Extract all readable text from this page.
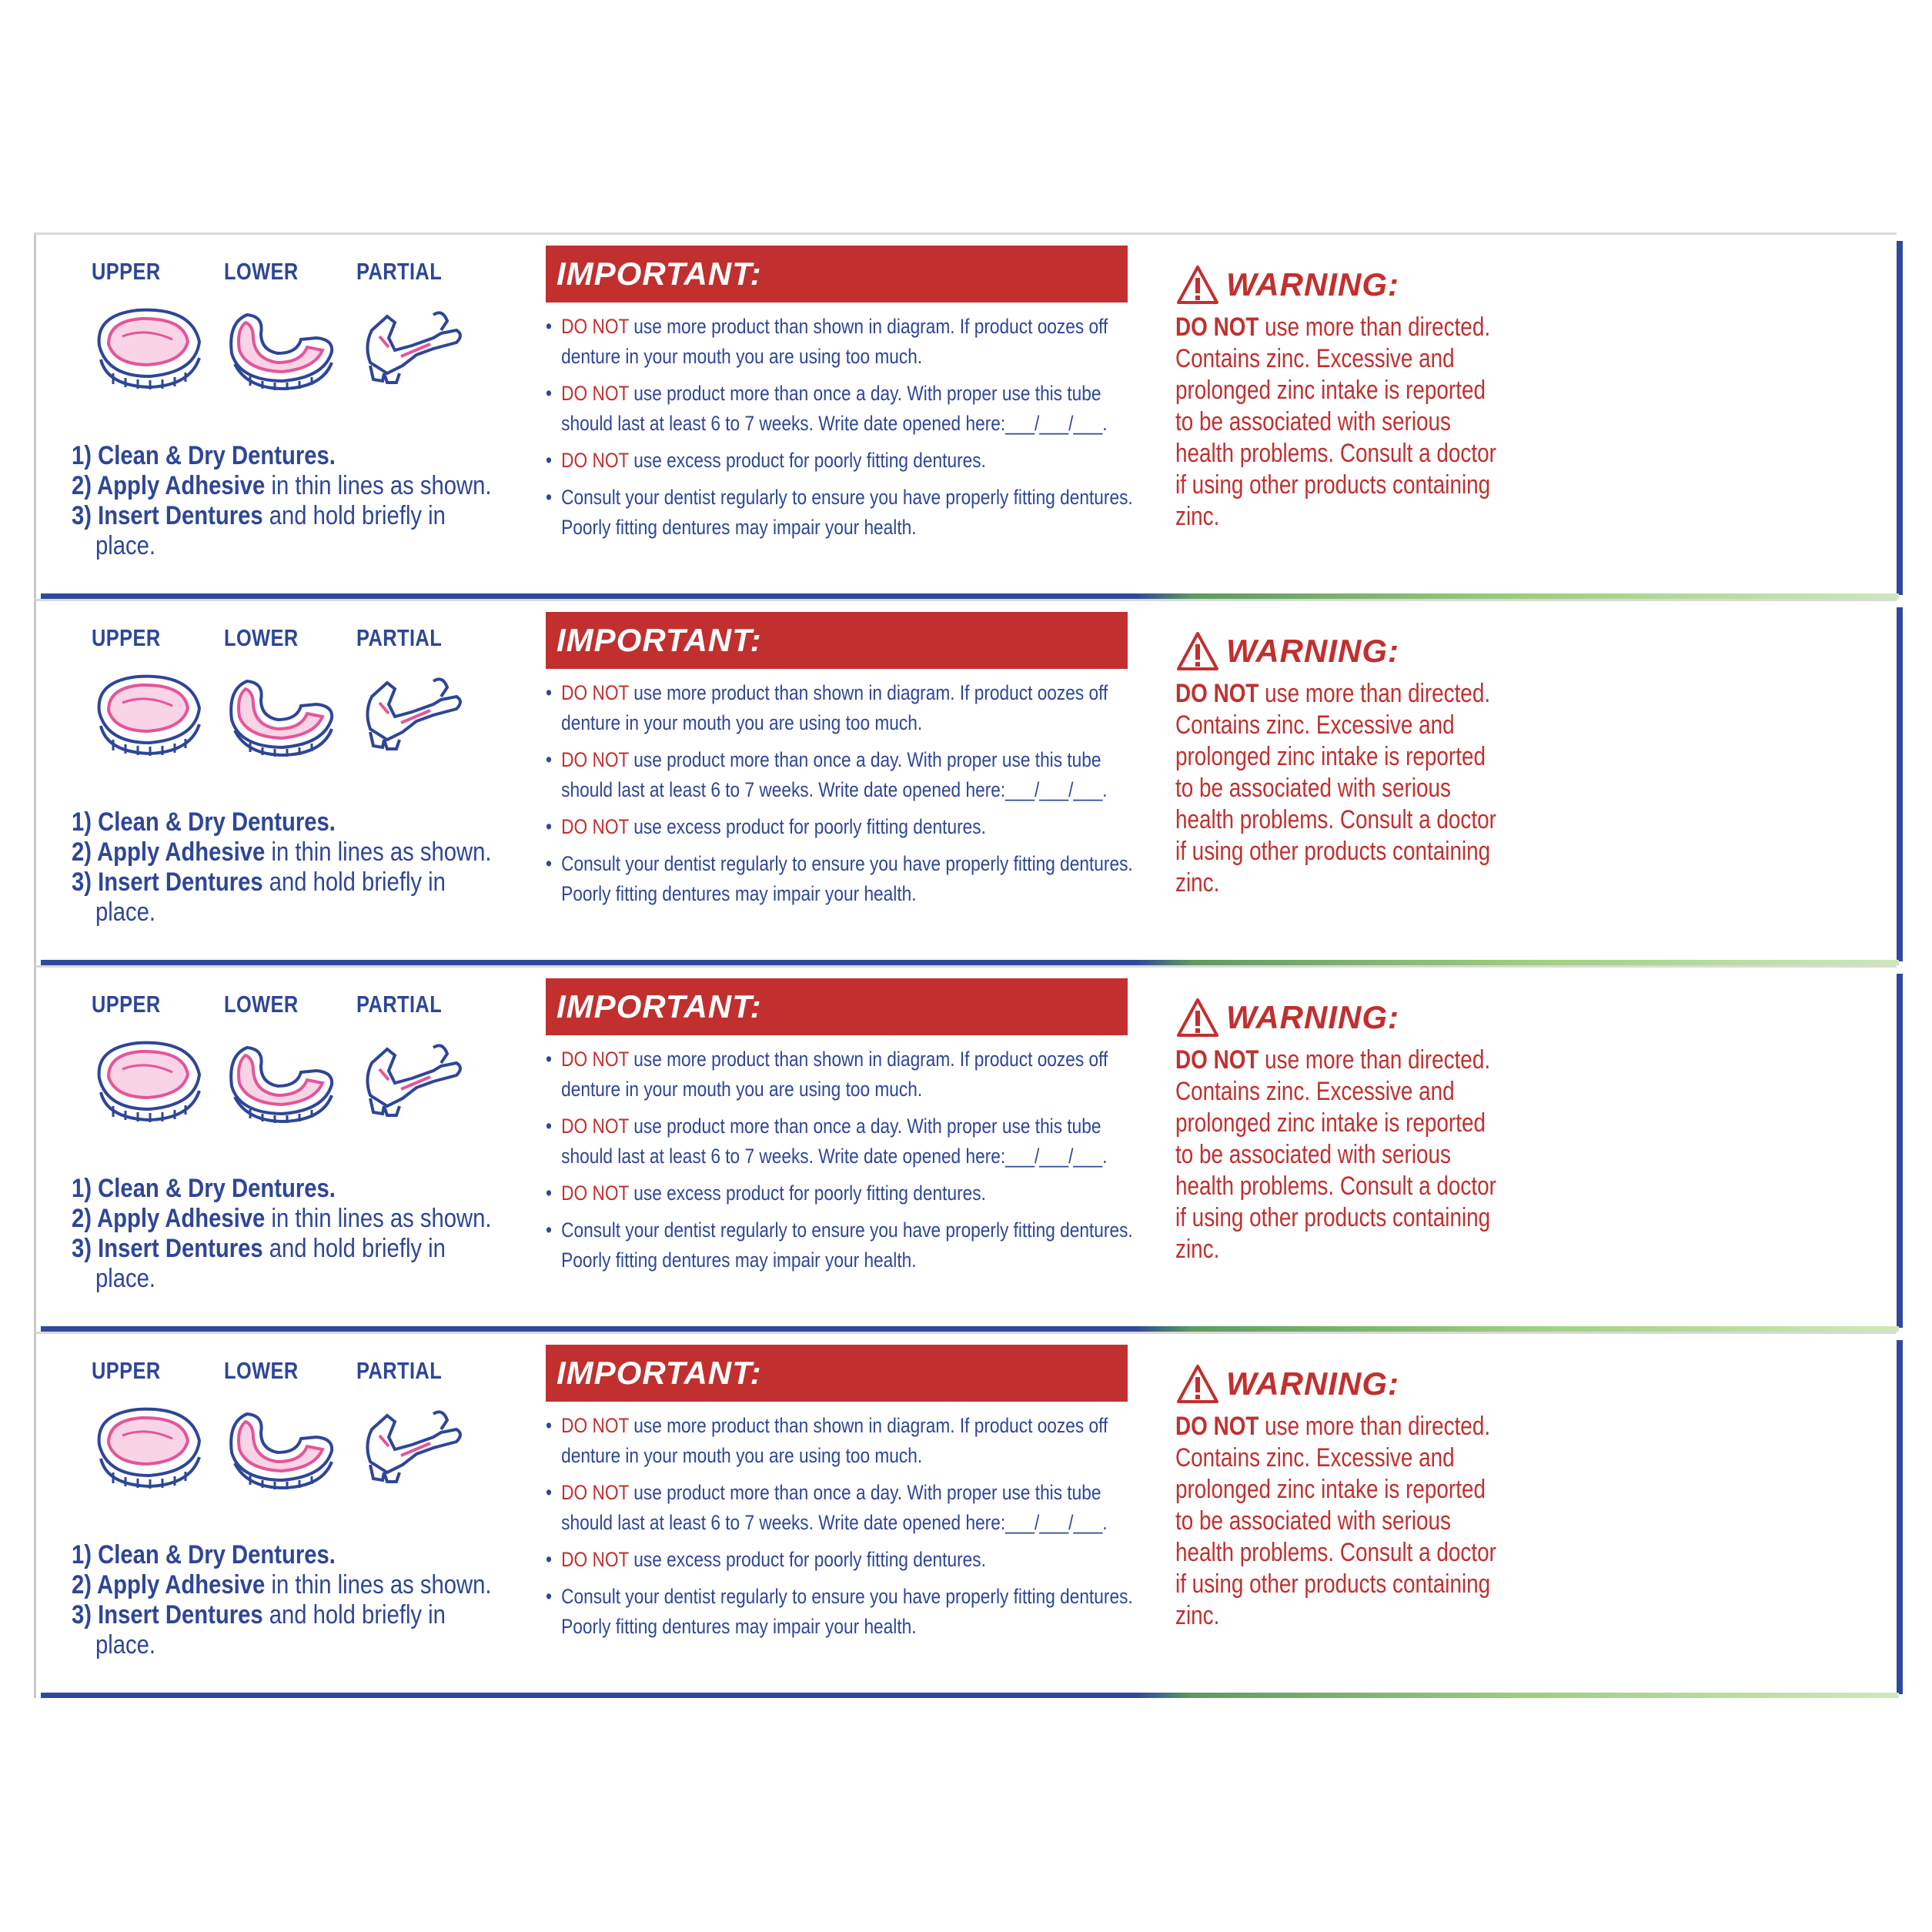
UPPER	LOWER	PARTIAL
1) Clean & Dry Dentures.
2) Apply Adhesive in thin lines as shown.
3) Insert Dentures and hold briefly in
place.
IMPORTANT:
• DO NOT use more product than shown in diagram. If product oozes off denture in your mouth you are using too much.
• DO NOT use product more than once a day. With proper use this tube should last at least 6 to 7 weeks. Write date opened here:___/___/___.
• DO NOT use excess product for poorly fitting dentures.
• Consult your dentist regularly to ensure you have properly fitting dentures. Poorly fitting dentures may impair your health.
WARNING:
DO NOT use more than directed. Contains zinc. Excessive and prolonged zinc intake is reported to be associated with serious health problems. Consult a doctor if using other products containing zinc.
UPPER	LOWER	PARTIAL
1) Clean & Dry Dentures.
2) Apply Adhesive in thin lines as shown.
3) Insert Dentures and hold briefly in
place.
IMPORTANT:
• DO NOT use more product than shown in diagram. If product oozes off denture in your mouth you are using too much.
• DO NOT use product more than once a day. With proper use this tube should last at least 6 to 7 weeks. Write date opened here:___/___/___.
• DO NOT use excess product for poorly fitting dentures.
• Consult your dentist regularly to ensure you have properly fitting dentures. Poorly fitting dentures may impair your health.
WARNING:
DO NOT use more than directed. Contains zinc. Excessive and prolonged zinc intake is reported to be associated with serious health problems. Consult a doctor if using other products containing zinc.
UPPER	LOWER	PARTIAL
1) Clean & Dry Dentures.
2) Apply Adhesive in thin lines as shown.
3) Insert Dentures and hold briefly in
place.
IMPORTANT:
• DO NOT use more product than shown in diagram. If product oozes off denture in your mouth you are using too much.
• DO NOT use product more than once a day. With proper use this tube should last at least 6 to 7 weeks. Write date opened here:___/___/___.
• DO NOT use excess product for poorly fitting dentures.
• Consult your dentist regularly to ensure you have properly fitting dentures. Poorly fitting dentures may impair your health.
WARNING:
DO NOT use more than directed. Contains zinc. Excessive and prolonged zinc intake is reported to be associated with serious health problems. Consult a doctor if using other products containing zinc.
UPPER	LOWER	PARTIAL
1) Clean & Dry Dentures.
2) Apply Adhesive in thin lines as shown.
3) Insert Dentures and hold briefly in
place.
IMPORTANT:
• DO NOT use more product than shown in diagram. If product oozes off denture in your mouth you are using too much.
• DO NOT use product more than once a day. With proper use this tube should last at least 6 to 7 weeks. Write date opened here:___/___/___.
• DO NOT use excess product for poorly fitting dentures.
• Consult your dentist regularly to ensure you have properly fitting dentures. Poorly fitting dentures may impair your health.
WARNING:
DO NOT use more than directed. Contains zinc. Excessive and prolonged zinc intake is reported to be associated with serious health problems. Consult a doctor if using other products containing zinc.
